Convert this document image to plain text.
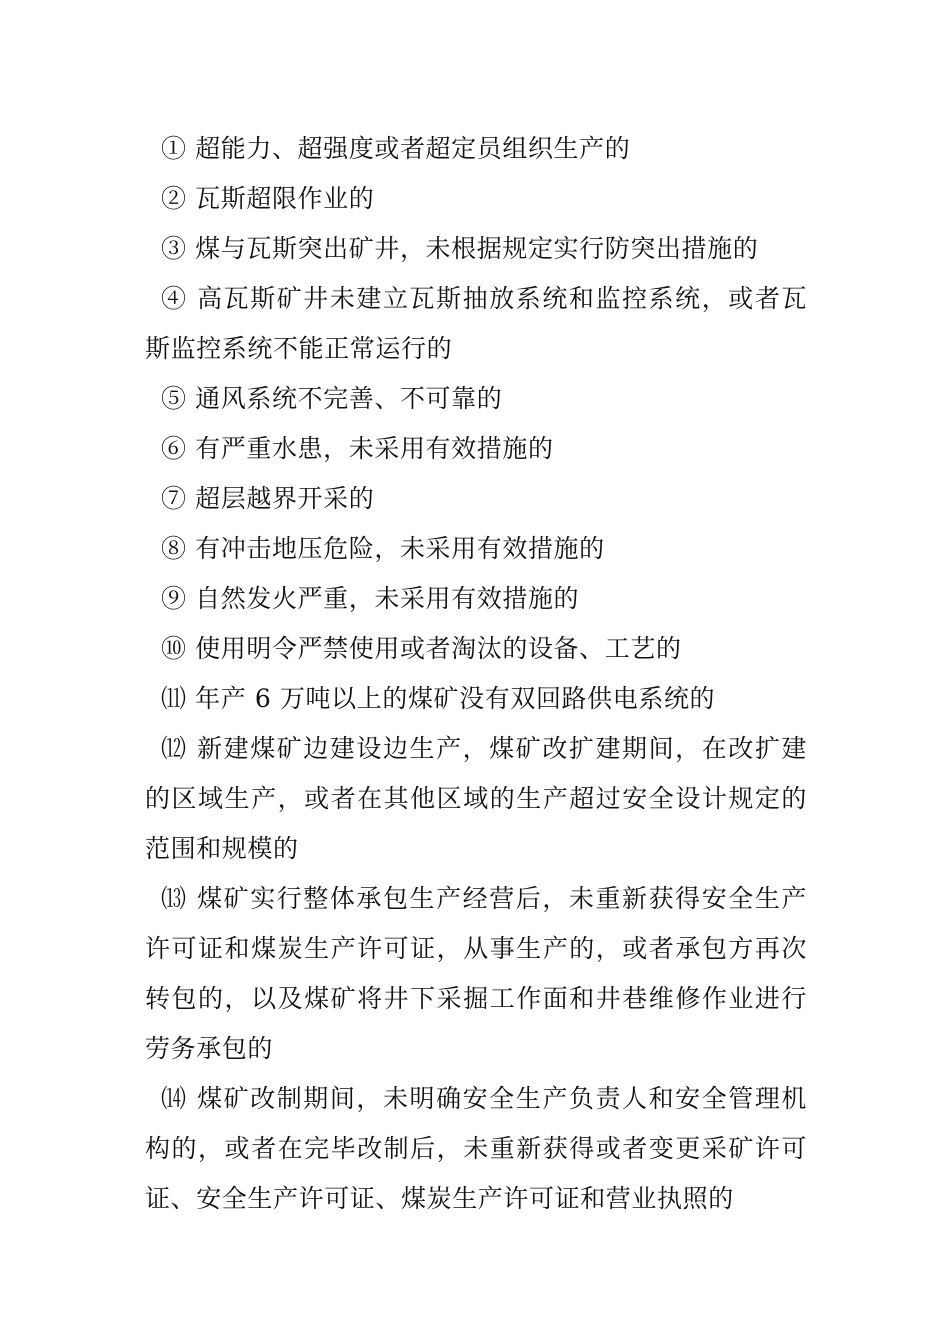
① 超能力、超强度或者超定员组织生产的

② 瓦斯超限作业的

③ 煤与瓦斯突出矿井，未根据规定实行防突出措施的

④ 高瓦斯矿井未建立瓦斯抽放系统和监控系统，或者瓦斯监控系统不能正常运行的

⑤ 通风系统不完善、不可靠的

⑥ 有严重水患，未采用有效措施的

⑦ 超层越界开采的

⑧ 有冲击地压危险，未采用有效措施的

⑨ 自然发火严重，未采用有效措施的

⑩ 使用明令严禁使用或者淘汰的设备、工艺的

⑾ 年产 6 万吨以上的煤矿没有双回路供电系统的

⑿ 新建煤矿边建设边生产，煤矿改扩建期间，在改扩建的区域生产，或者在其他区域的生产超过安全设计规定的范围和规模的

⒀ 煤矿实行整体承包生产经营后，未重新获得安全生产许可证和煤炭生产许可证，从事生产的，或者承包方再次转包的，以及煤矿将井下采掘工作面和井巷维修作业进行劳务承包的

⒁ 煤矿改制期间，未明确安全生产负责人和安全管理机构的，或者在完毕改制后，未重新获得或者变更采矿许可证、安全生产许可证、煤炭生产许可证和营业执照的
